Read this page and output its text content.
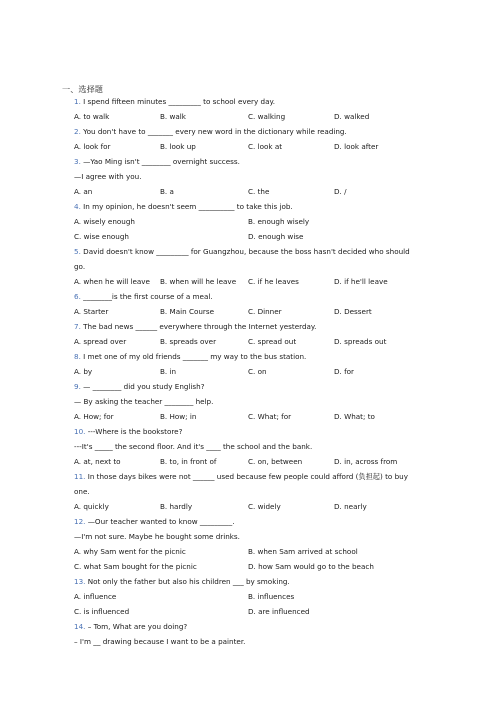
一、选择题
1. I spend fifteen minutes _________ to school every day.
A. to walk	B. walk	C. walking	D. walked
2. You don't have to _______ every new word in the dictionary while reading.
A. look for	B. look up	C. look at	D. look after
3. —Yao Ming isn't ________ overnight success.
—I agree with you.
A. an	B. a	C. the	D. /
4. In my opinion, he doesn't seem __________ to take this job.
A. wisely enough	B. enough wisely
C. wise enough	D. enough wise
5. David doesn't know _________ for Guangzhou, because the boss hasn't decided who should
go.
A. when he will leave B. when will he leave C. if he leaves	D. if he'll leave
6. ________is the first course of a meal.
A. Starter	B. Main Course	C. Dinner	D. Dessert
7. The bad news ______ everywhere through the Internet yesterday.
A. spread over	B. spreads over	C. spread out	D. spreads out
8. I met one of my old friends _______ my way to the bus station.
A. by	B. in	C. on	D. for
9. — ________ did you study English?
— By asking the teacher ________ help.
A. How; for	B. How; in	C. What; for	D. What; to
10. ---Where is the bookstore?
---It's _____ the second floor. And it's ____ the school and the bank.
A. at, next to	B. to, in front of	C. on, between	D. in, across from
11. In those days bikes were not ______ used because few people could afford (负担起) to buy
one.
A. quickly	B. hardly	C. widely	D. nearly
12. —Our teacher wanted to know _________.
—I'm not sure. Maybe he bought some drinks.
A. why Sam went for the picnic	B. when Sam arrived at school
C. what Sam bought for the picnic	D. how Sam would go to the beach
13. Not only the father but also his children ___ by smoking.
A. influence	B. influences
C. is influenced	D. are influenced
14. – Tom, What are you doing?
– I'm __ drawing because I want to be a painter.
